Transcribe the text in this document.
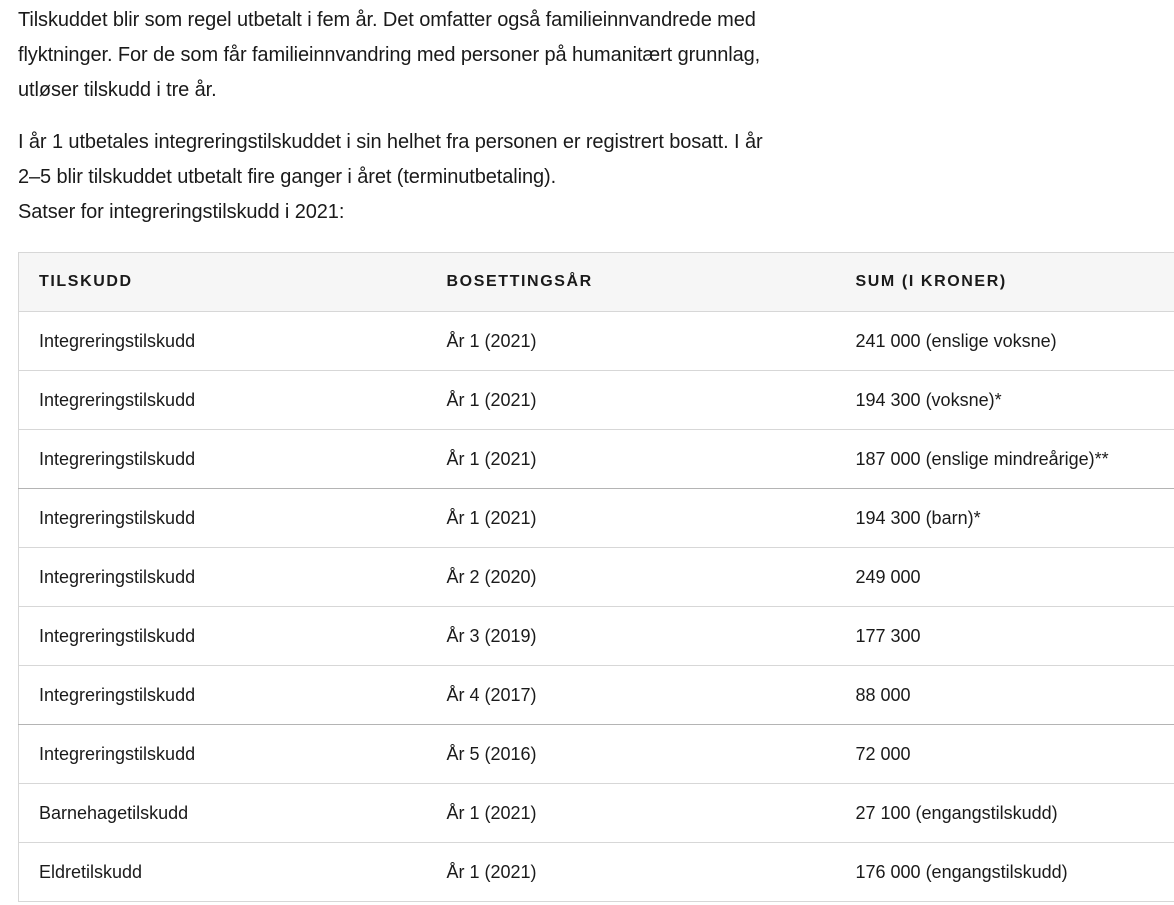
Tilskuddet blir som regel utbetalt i fem år. Det omfatter også familieinnvandrede med
flyktninger. For de som får familieinnvandring med personer på humanitært grunnlag,
utløser tilskudd i tre år.

I år 1 utbetales integreringstilskuddet i sin helhet fra personen er registrert bosatt. I år
2–5 blir tilskuddet utbetalt fire ganger i året (terminutbetaling).

Satser for integreringstilskudd i 2021:

TILSKUDD	BOSETTINGSÅR	SUM (I KRONER)
Integreringstilskudd	År 1 (2021)	241 000 (enslige voksne)
Integreringstilskudd	År 1 (2021)	194 300 (voksne)*
Integreringstilskudd	År 1 (2021)	187 000 (enslige mindreårige)**
Integreringstilskudd	År 1 (2021)	194 300 (barn)*
Integreringstilskudd	År 2 (2020)	249 000
Integreringstilskudd	År 3 (2019)	177 300
Integreringstilskudd	År 4 (2017)	88 000
Integreringstilskudd	År 5 (2016)	72 000
Barnehagetilskudd	År 1 (2021)	27 100 (engangstilskudd)
Eldretilskudd	År 1 (2021)	176 000 (engangstilskudd)
